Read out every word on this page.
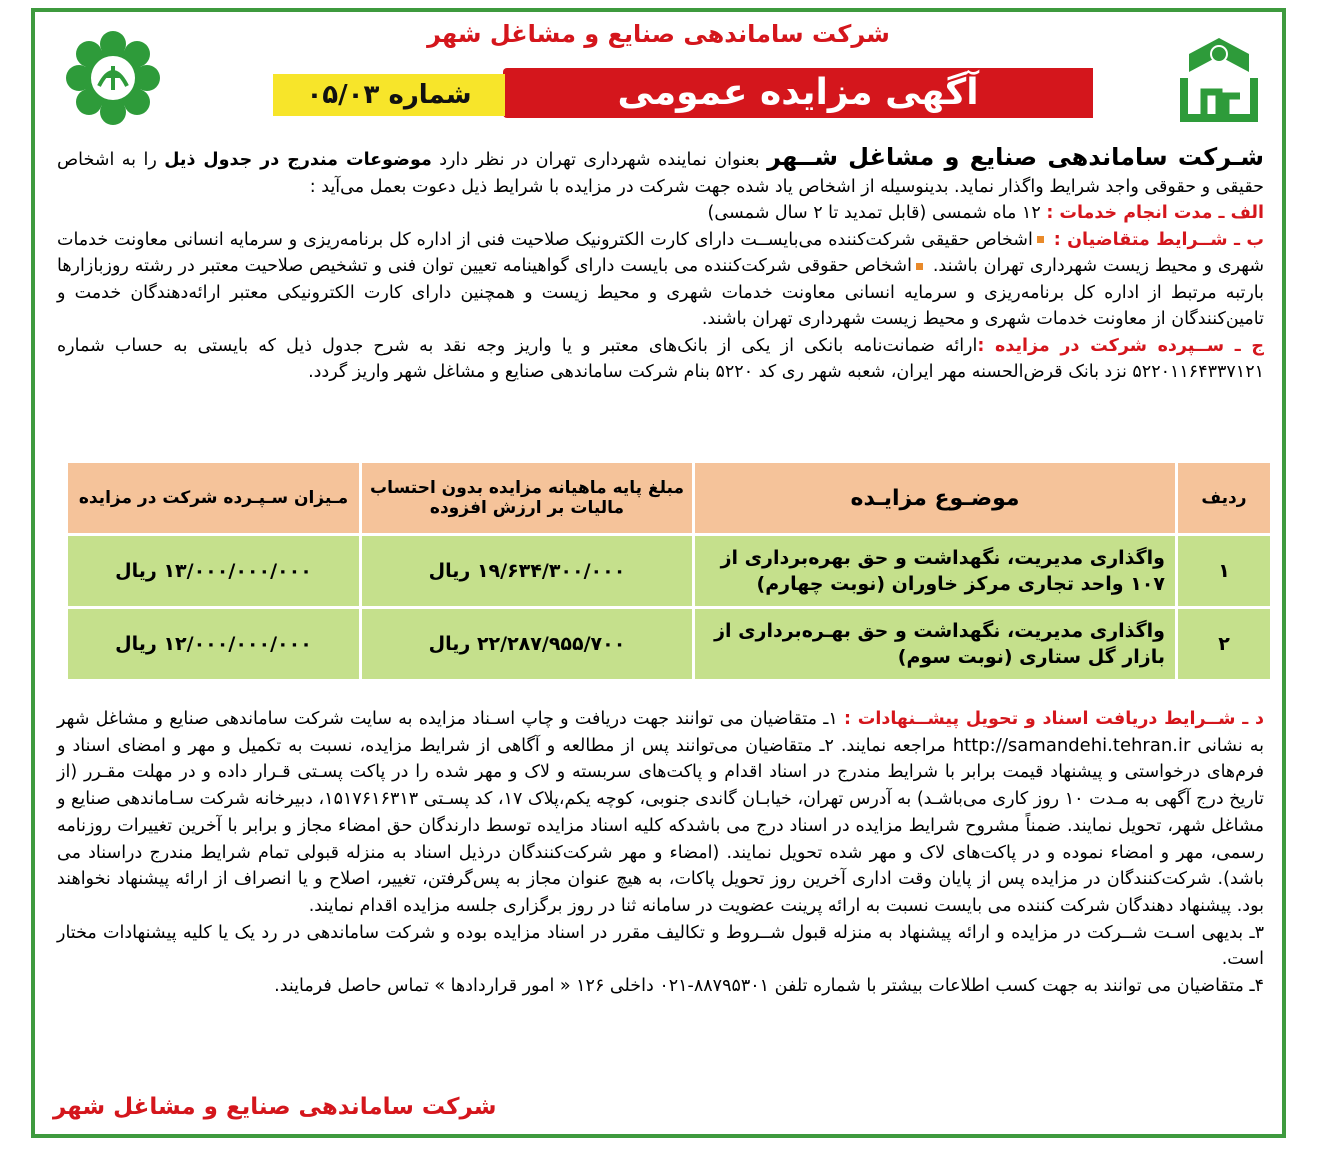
شرکت ساماندهی صنایع و مشاغل شهر
آگهی مزایده عمومی
شماره ۰۵/۰۳

شـرکت ساماندهی صنایع و مشاغل شــهر بعنوان نماینده شهرداری تهران در نظر دارد موضوعات مندرج در جدول ذیل را به اشخاص حقیقی و حقوقی واجد شرایط واگذار نماید. بدینوسیله از اشخاص یاد شده جهت شرکت در مزایده با شرایط ذیل دعوت بعمل می‌آید :

الف ـ مدت انجام خدمات : ۱۲ ماه شمسی (قابل تمدید تا ۲ سال شمسی)

ب ـ شــرایط متقاضیان : اشخاص حقیقی شرکت‌کننده می‌بایســت دارای کارت الکترونیک صلاحیت فنی از اداره کل برنامه‌ریزی و سرمایه انسانی معاونت خدمات شهری و محیط زیست شهرداری تهران باشند. اشخاص حقوقی شرکت‌کننده می بایست دارای گواهینامه تعیین توان فنی و تشخیص صلاحیت معتبر در رشته روزبازارها بارتبه مرتبط از اداره کل برنامه‌ریزی و سرمایه انسانی معاونت خدمات شهری و محیط زیست و همچنین دارای کارت الکترونیکی معتبر ارائه‌دهندگان خدمت و تامین‌کنندگان از معاونت خدمات شهری و محیط زیست شهرداری تهران باشند.

ج ـ ســپرده شرکت در مزایده :ارائه ضمانت‌نامه بانکی از یکی از بانک‌های معتبر و یا واریز وجه نقد به شرح جدول ذیل که بایستی به حساب شماره ۵۲۲۰۱۱۶۴۳۳۷۱۲۱ نزد بانک قرض‌الحسنه مهر ایران، شعبه شهر ری کد ۵۲۲۰ بنام شرکت ساماندهی صنایع و مشاغل شهر واریز گردد.

ردیف	موضـوع مزایـده	مبلغ پایه ماهیانه مزایده بدون احتساب مالیات بر ارزش افزوده	مـیزان سـپـرده شرکت در مزایده
۱	واگذاری مدیریت، نگهداشت و حق بهره‌برداری از ۱۰۷ واحد تجاری مرکز خاوران (نوبت چهارم)	۱۹/۶۳۴/۳۰۰/۰۰۰ ریال	۱۳/۰۰۰/۰۰۰/۰۰۰ ریال
۲	واگذاری مدیریت، نگهداشت و حق بهـره‌برداری از بازار گل ستاری (نوبت سوم)	۲۲/۲۸۷/۹۵۵/۷۰۰ ریال	۱۲/۰۰۰/۰۰۰/۰۰۰ ریال

د ـ شــرایط دریافت اسناد و تحویل پیشــنهادات : ۱ـ متقاضیان می توانند جهت دریافت و چاپ اسـناد مزایده به سایت شرکت ساماندهی صنایع و مشاغل شهر به نشانی http://samandehi.tehran.ir مراجعه نمایند. ۲ـ متقاضیان می‌توانند پس از مطالعه و آگاهی از شرایط مزایده، نسبت به تکمیل و مهر و امضای اسناد و فرم‌های درخواستی و پیشنهاد قیمت برابر با شرایط مندرج در اسناد اقدام و پاکت‌های سربسته و لاک و مهر شده را در پاکت پسـتی قـرار داده و در مهلت مقـرر (از تاریخ درج آگهی به مـدت ۱۰ روز کاری می‌باشـد) به آدرس تهران، خیابـان گاندی جنوبی، کوچه یکم،پلاک ۱۷، کد پسـتی ۱۵۱۷۶۱۶۳۱۳، دبیرخانه شرکت سـاماندهی صنایع و مشاغل شهر، تحویل نمایند. ضمناً مشروح شرایط مزایده در اسناد درج می باشدکه کلیه اسناد مزایده توسط دارندگان حق امضاء مجاز و برابر با آخرین تغییرات روزنامه رسمی، مهر و امضاء نموده و در پاکت‌های لاک و مهر شده تحویل نمایند. (امضاء و مهر شرکت‌کنندگان درذیل اسناد به منزله قبولی تمام شرایط مندرج دراسناد می باشد). شرکت‌کنندگان در مزایده پس از پایان وقت اداری آخرین روز تحویل پاکات، به هیچ عنوان مجاز به پس‌گرفتن، تغییر، اصلاح و یا انصراف از ارائه پیشنهاد نخواهند بود. پیشنهاد دهندگان شرکت کننده می بایست نسبت به ارائه پرینت عضویت در سامانه ثنا در روز برگزاری جلسه مزایده اقدام نمایند.

۳ـ بدیهی اسـت شــرکت در مزایده و ارائه پیشنهاد به منزله قبول شــروط و تکالیف مقرر در اسناد مزایده بوده و شرکت ساماندهی در رد یک یا کلیه پیشنهادات مختار است.

۴ـ متقاضیان می توانند به جهت کسب اطلاعات بیشتر با شماره تلفن ۸۸۷۹۵۳۰۱-۰۲۱ داخلی ۱۲۶ « امور قراردادها » تماس حاصل فرمایند.

شرکت ساماندهی صنایع و مشاغل شهر
